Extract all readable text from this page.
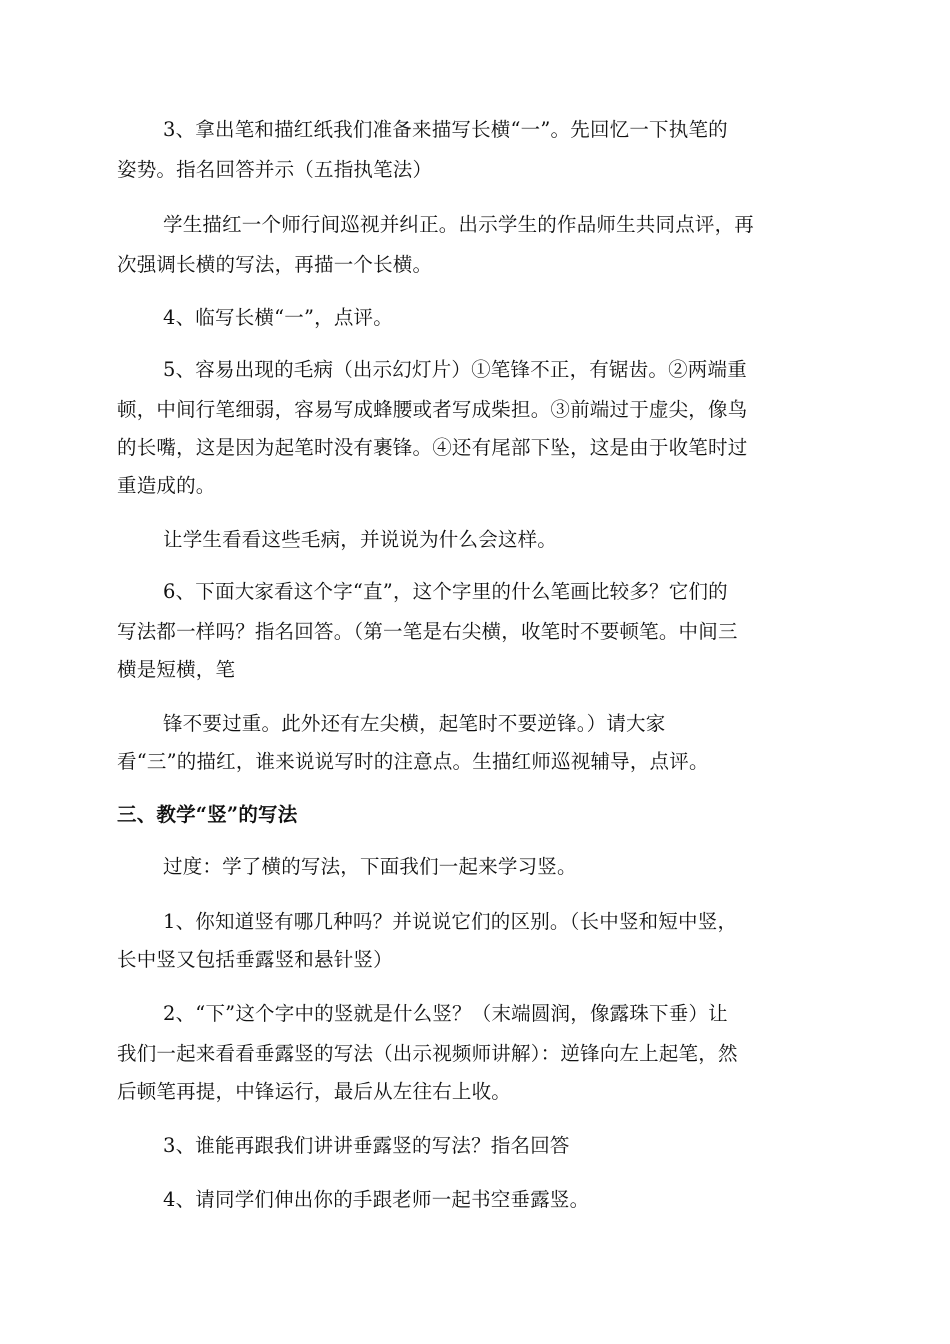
3、拿出笔和描红纸我们准备来描写长横“一”。先回忆一下执笔的
姿势。指名回答并示（五指执笔法）
学生描红一个师行间巡视并纠正。出示学生的作品师生共同点评，再
次强调长横的写法，再描一个长横。
4、临写长横“一”，点评。
5、容易出现的毛病（出示幻灯片）①笔锋不正，有锯齿。②两端重
顿，中间行笔细弱，容易写成蜂腰或者写成柴担。③前端过于虚尖，像鸟
的长嘴，这是因为起笔时没有裹锋。④还有尾部下坠，这是由于收笔时过
重造成的。
让学生看看这些毛病，并说说为什么会这样。
6、下面大家看这个字“直”，这个字里的什么笔画比较多？它们的
写法都一样吗？指名回答。（第一笔是右尖横，收笔时不要顿笔。中间三
横是短横，笔
锋不要过重。此外还有左尖横，起笔时不要逆锋。）请大家
看“三”的描红，谁来说说写时的注意点。生描红师巡视辅导，点评。
三、教学“竖”的写法
过度：学了横的写法，下面我们一起来学习竖。
1、你知道竖有哪几种吗？并说说它们的区别。（长中竖和短中竖，
长中竖又包括垂露竖和悬针竖）
2、“下”这个字中的竖就是什么竖？（末端圆润，像露珠下垂）让
我们一起来看看垂露竖的写法（出示视频师讲解）：逆锋向左上起笔，然
后顿笔再提，中锋运行，最后从左往右上收。
3、谁能再跟我们讲讲垂露竖的写法？指名回答
4、请同学们伸出你的手跟老师一起书空垂露竖。
